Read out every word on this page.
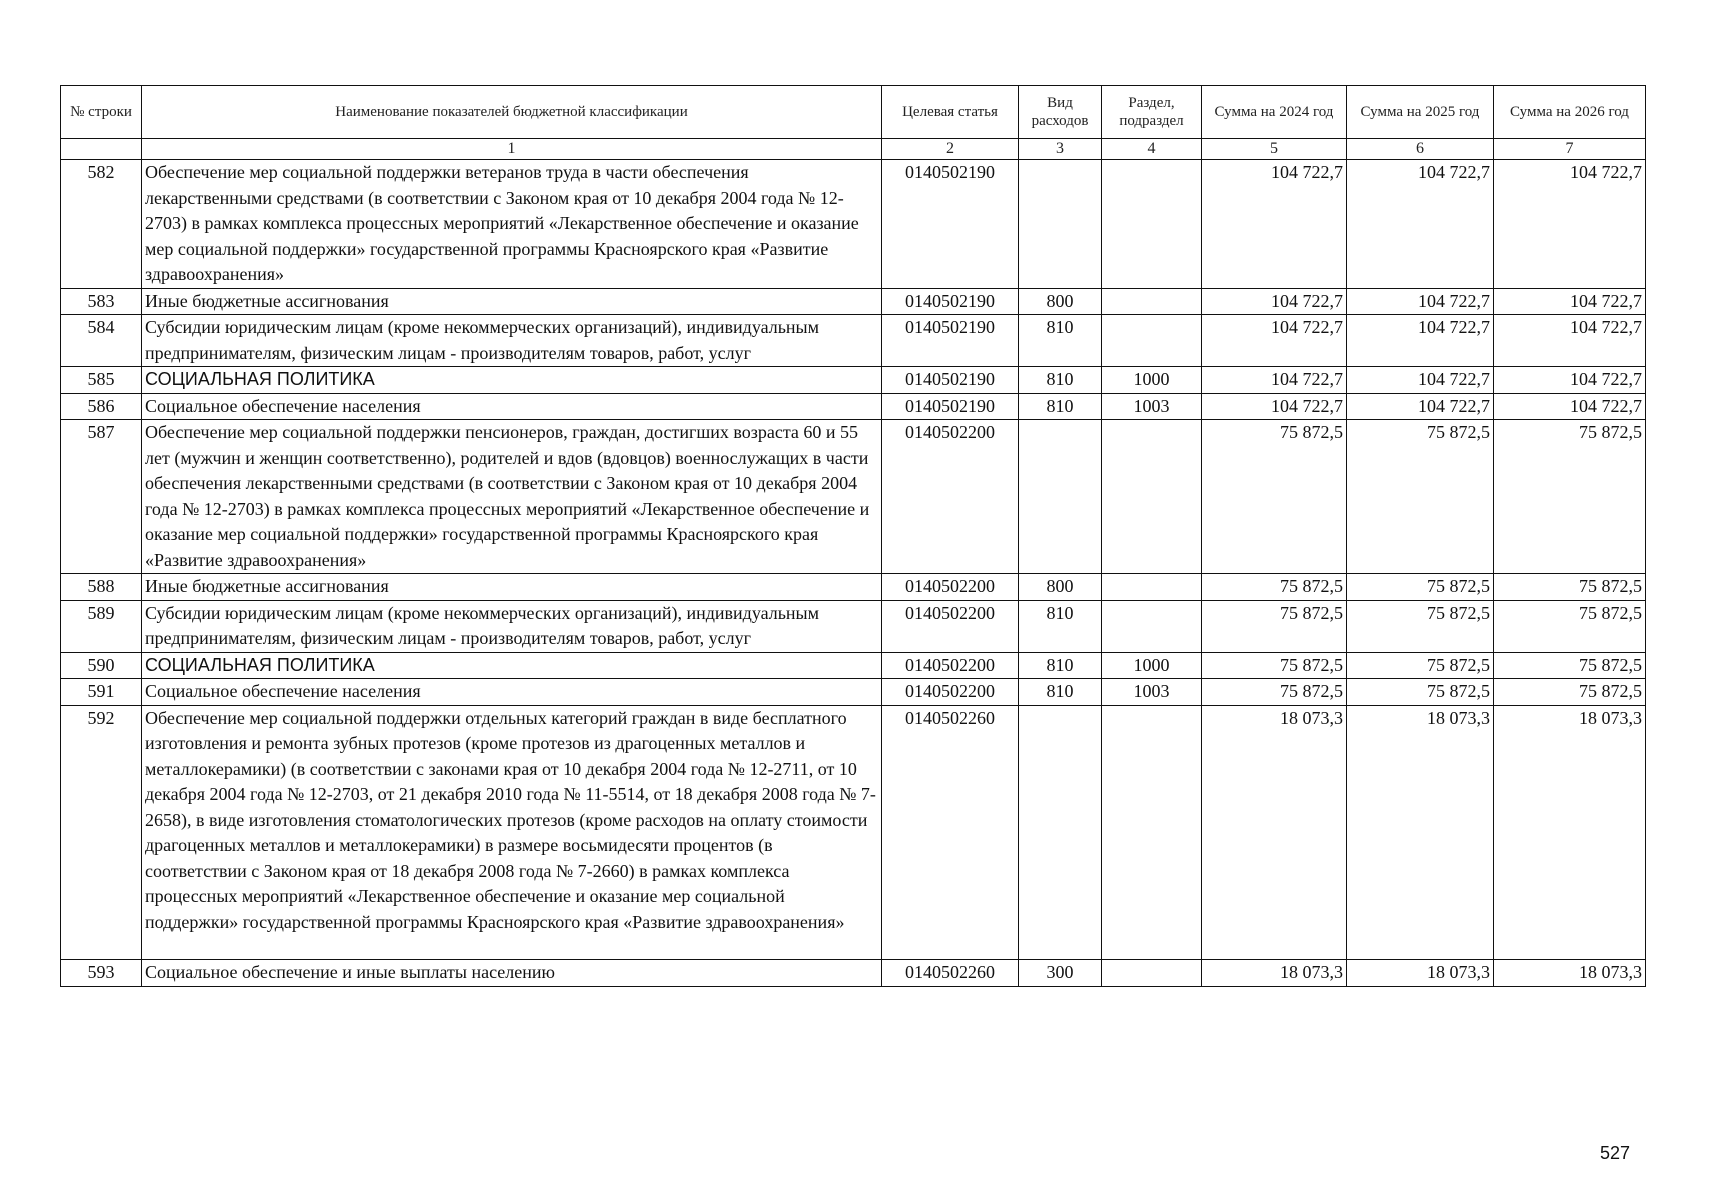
№ строки	Наименование показателей бюджетной классификации	Целевая статья	Вид расходов	Раздел, подраздел	Сумма на 2024 год	Сумма на 2025 год	Сумма на 2026 год
	1	2	3	4	5	6	7
582	Обеспечение мер социальной поддержки ветеранов труда в части обеспечения лекарственными средствами (в соответствии с Законом края от 10 декабря 2004 года № 12-2703) в рамках комплекса процессных мероприятий «Лекарственное обеспечение и оказание мер социальной поддержки» государственной программы Красноярского края «Развитие здравоохранения»	0140502190			104 722,7	104 722,7	104 722,7
583	Иные бюджетные ассигнования	0140502190	800		104 722,7	104 722,7	104 722,7
584	Субсидии юридическим лицам (кроме некоммерческих организаций), индивидуальным предпринимателям, физическим лицам - производителям товаров, работ, услуг	0140502190	810		104 722,7	104 722,7	104 722,7
585	СОЦИАЛЬНАЯ ПОЛИТИКА	0140502190	810	1000	104 722,7	104 722,7	104 722,7
586	Социальное обеспечение населения	0140502190	810	1003	104 722,7	104 722,7	104 722,7
587	Обеспечение мер социальной поддержки пенсионеров, граждан, достигших возраста 60 и 55 лет (мужчин и женщин соответственно), родителей и вдов (вдовцов) военнослужащих в части обеспечения лекарственными средствами (в соответствии с Законом края от 10 декабря 2004 года № 12-2703) в рамках комплекса процессных мероприятий «Лекарственное обеспечение и оказание мер социальной поддержки» государственной программы Красноярского края «Развитие здравоохранения»	0140502200			75 872,5	75 872,5	75 872,5
588	Иные бюджетные ассигнования	0140502200	800		75 872,5	75 872,5	75 872,5
589	Субсидии юридическим лицам (кроме некоммерческих организаций), индивидуальным предпринимателям, физическим лицам - производителям товаров, работ, услуг	0140502200	810		75 872,5	75 872,5	75 872,5
590	СОЦИАЛЬНАЯ ПОЛИТИКА	0140502200	810	1000	75 872,5	75 872,5	75 872,5
591	Социальное обеспечение населения	0140502200	810	1003	75 872,5	75 872,5	75 872,5
592	Обеспечение мер социальной поддержки отдельных категорий граждан в виде бесплатного изготовления и ремонта зубных протезов (кроме протезов из драгоценных металлов и металлокерамики) (в соответствии с законами края от 10 декабря 2004 года № 12-2711, от 10 декабря 2004 года № 12-2703, от 21 декабря 2010 года № 11-5514, от 18 декабря 2008 года № 7-2658), в виде изготовления стоматологических протезов (кроме расходов на оплату стоимости драгоценных металлов и металлокерамики) в размере восьмидесяти процентов (в соответствии с Законом края от 18 декабря 2008 года № 7-2660) в рамках комплекса процессных мероприятий «Лекарственное обеспечение и оказание мер социальной поддержки» государственной программы Красноярского края «Развитие здравоохранения»	0140502260			18 073,3	18 073,3	18 073,3
593	Социальное обеспечение и иные выплаты населению	0140502260	300		18 073,3	18 073,3	18 073,3
527
